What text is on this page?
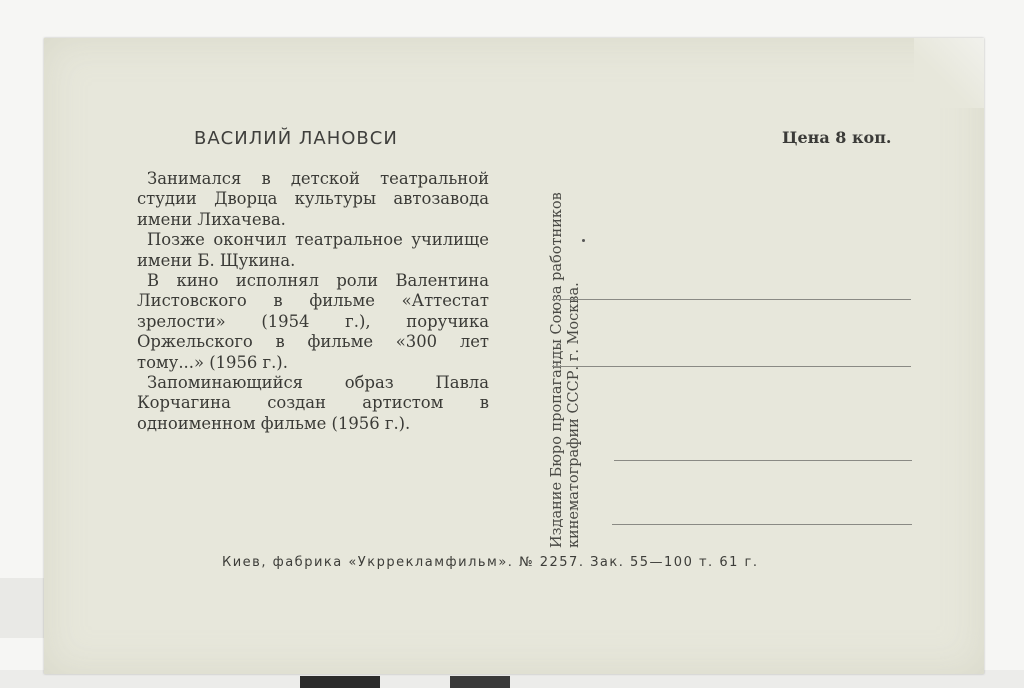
ВАСИЛИЙ ЛАНОВСИ	Цена 8 коп.

Занимался в детской театральной студии Дворца культуры автозавода имени Лихачева.

Позже окончил театральное училище имени Б. Щукина.

В кино исполнял роли Валентина Листовского в фильме «Аттестат зрелости» (1954 г.), поручика Оржельского в фильме «300 лет тому...» (1956 г.).

Запоминающийся образ Павла Корчагина создан артистом в одноименном фильме (1956 г.).	Издание Бюро пропаганды Союза работников кинематографии СССР. г. Москва.
Киев, фабрика «Укррекламфильм». № 2257. Зак. 55—100 т. 61 г.
